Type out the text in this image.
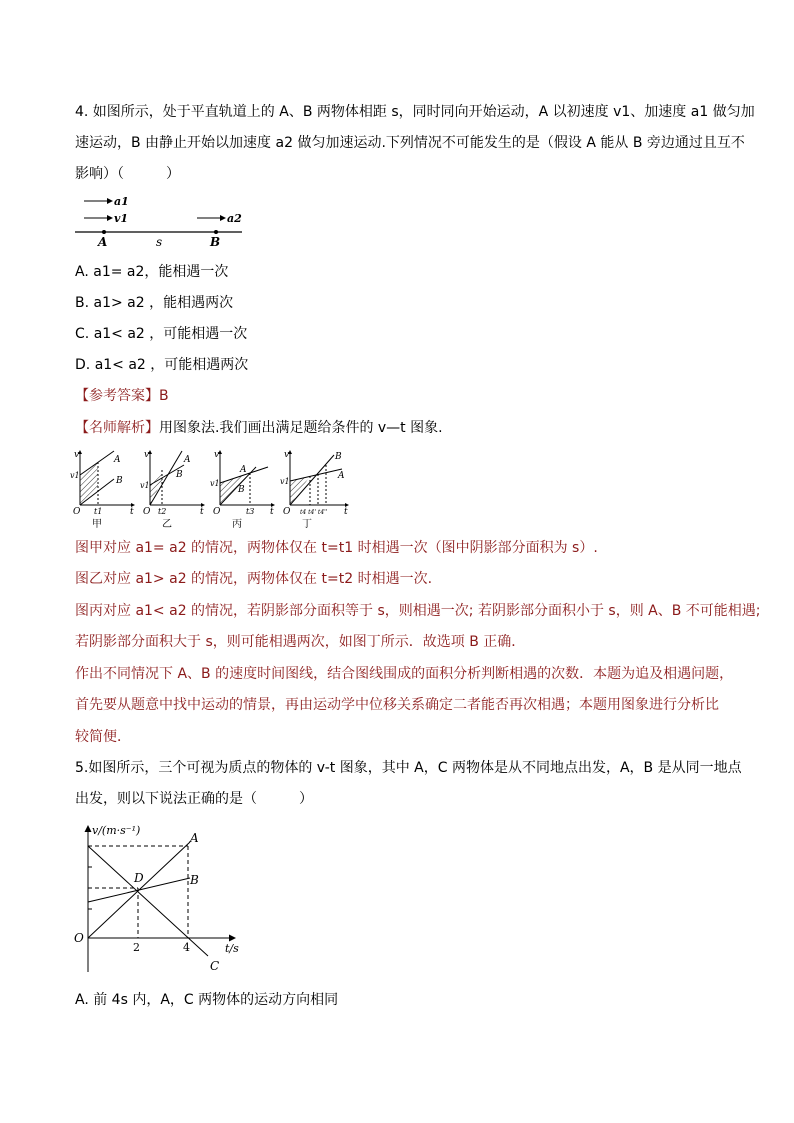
4. 如图所示，处于平直轨道上的 A、B 两物体相距 s，同时同向开始运动，A 以初速度 v1、加速度 a1 做匀加
速运动，B 由静止开始以加速度 a2 做匀加速运动.下列情况不可能发生的是（假设 A 能从 B 旁边通过且互不
影响）（　　　）
a1
v1	a2
A	s	B
A. a1= a2，能相遇一次
B. a1> a2 ，能相遇两次
C. a1< a2 ，可能相遇一次
D. a1< a2 ，可能相遇两次
【参考答案】B
【名师解析】用图象法.我们画出满足题给条件的 v—t 图象.
v
v1
O
A
B
t1	t
甲
v
v1
O
A
B
t2	t
乙
v
v1
O
A
B
t3 t
丙
v
v1
O
B
A
t4 t4' t4'' t
丁
图甲对应 a1= a2 的情况，两物体仅在 t=t1 时相遇一次（图中阴影部分面积为 s）.
图乙对应 a1> a2 的情况，两物体仅在 t=t2 时相遇一次.
图丙对应 a1< a2 的情况，若阴影部分面积等于 s，则相遇一次; 若阴影部分面积小于 s，则 A、B 不可能相遇;
若阴影部分面积大于 s，则可能相遇两次，如图丁所示．故选项 B 正确．
作出不同情况下 A、B 的速度时间图线，结合图线围成的面积分析判断相遇的次数．本题为追及相遇问题，
首先要从题意中找中运动的情景，再由运动学中位移关系确定二者能否再次相遇；本题用图象进行分析比
较简便．
5.如图所示，三个可视为质点的物体的 v-t 图象，其中 A，C 两物体是从不同地点出发，A，B 是从同一地点
出发，则以下说法正确的是（　　　）
v/(m·s⁻¹)
t/s
O
2	4
A
B
C
D
A. 前 4s 内，A，C 两物体的运动方向相同
